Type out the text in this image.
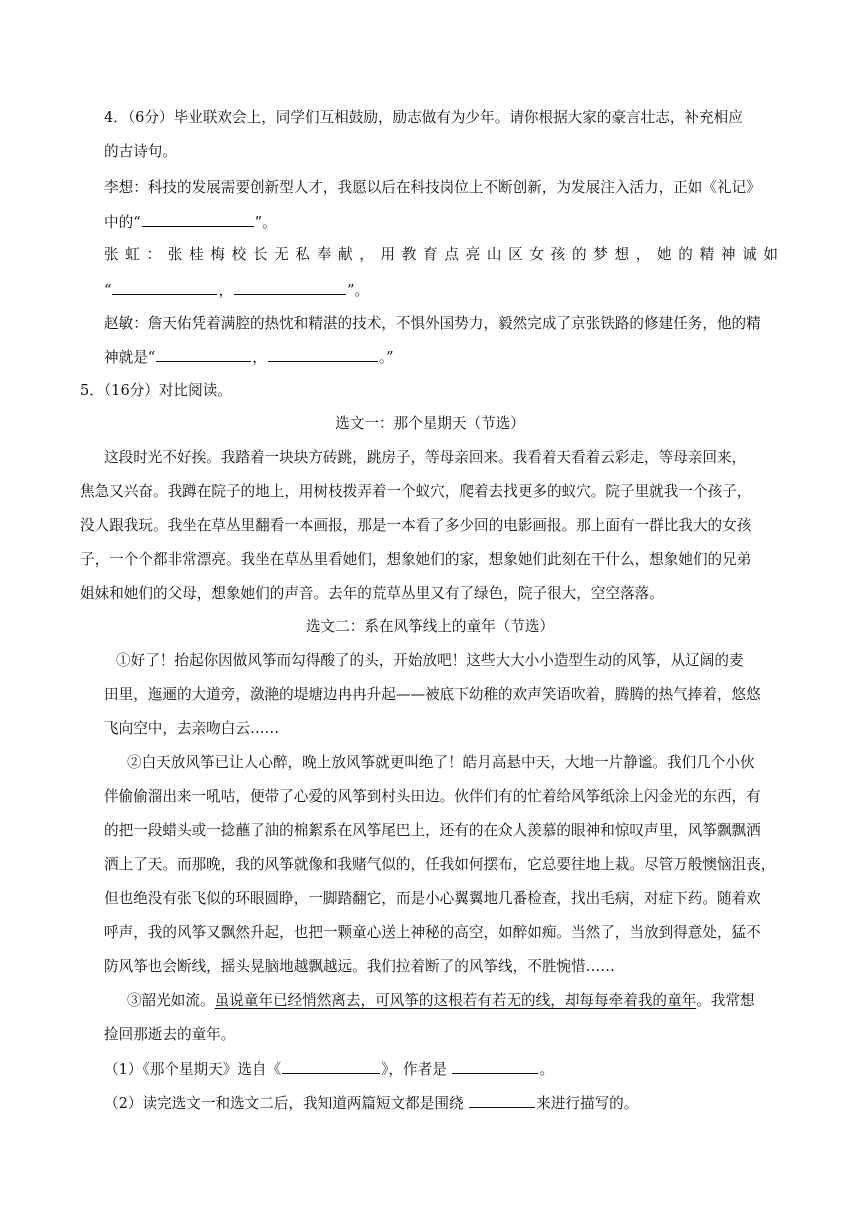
4．（6分）毕业联欢会上，同学们互相鼓励，励志做有为少年。请你根据大家的豪言壮志，补充相应
的古诗句。
李想：科技的发展需要创新型人才，我愿以后在科技岗位上不断创新，为发展注入活力，正如《礼记》
中的“	”。
张虹：张桂梅校长无私奉献，用教育点亮山区女孩的梦想，她的精神诚如
“	，	”。
赵敏：詹天佑凭着满腔的热忱和精湛的技术，不惧外国势力，毅然完成了京张铁路的修建任务，他的精
神就是“	，	。”
5．（16分）对比阅读。
选文一：那个星期天（节选）
这段时光不好挨。我踏着一块块方砖跳，跳房子，等母亲回来。我看着天看着云彩走，等母亲回来，
焦急又兴奋。我蹲在院子的地上，用树枝拨弄着一个蚁穴，爬着去找更多的蚁穴。院子里就我一个孩子，
没人跟我玩。我坐在草丛里翻看一本画报，那是一本看了多少回的电影画报。那上面有一群比我大的女孩
子，一个个都非常漂亮。我坐在草丛里看她们，想象她们的家，想象她们此刻在干什么，想象她们的兄弟
姐妹和她们的父母，想象她们的声音。去年的荒草丛里又有了绿色，院子很大，空空落落。
选文二：系在风筝线上的童年（节选）
①好了！抬起你因做风筝而勾得酸了的头，开始放吧！这些大大小小造型生动的风筝，从辽阔的麦
田里，迤逦的大道旁，潋滟的堤塘边冉冉升起——被底下幼稚的欢声笑语吹着，腾腾的热气捧着，悠悠
飞向空中，去亲吻白云……
②白天放风筝已让人心醉，晚上放风筝就更叫绝了！皓月高悬中天，大地一片静谧。我们几个小伙
伴偷偷溜出来一吼咕，便带了心爱的风筝到村头田边。伙伴们有的忙着给风筝纸涂上闪金光的东西，有
的把一段蜡头或一捻蘸了油的棉絮系在风筝尾巴上，还有的在众人羡慕的眼神和惊叹声里，风筝飘飘洒
洒上了天。而那晚，我的风筝就像和我赌气似的，任我如何摆布，它总要往地上栽。尽管万般懊恼沮丧，
但也绝没有张飞似的环眼圆睁，一脚踏翻它，而是小心翼翼地几番检查，找出毛病，对症下药。随着欢
呼声，我的风筝又飘然升起，也把一颗童心送上神秘的高空，如醉如痴。当然了，当放到得意处，猛不
防风筝也会断线，摇头晃脑地越飘越远。我们拉着断了的风筝线，不胜惋惜……
③韶光如流。虽说童年已经悄然离去，可风筝的这根若有若无的线，却每每牵着我的童年。我常想
捡回那逝去的童年。
（1）《那个星期天》选自《	》，作者是	。
（2）读完选文一和选文二后，我知道两篇短文都是围绕	来进行描写的。
